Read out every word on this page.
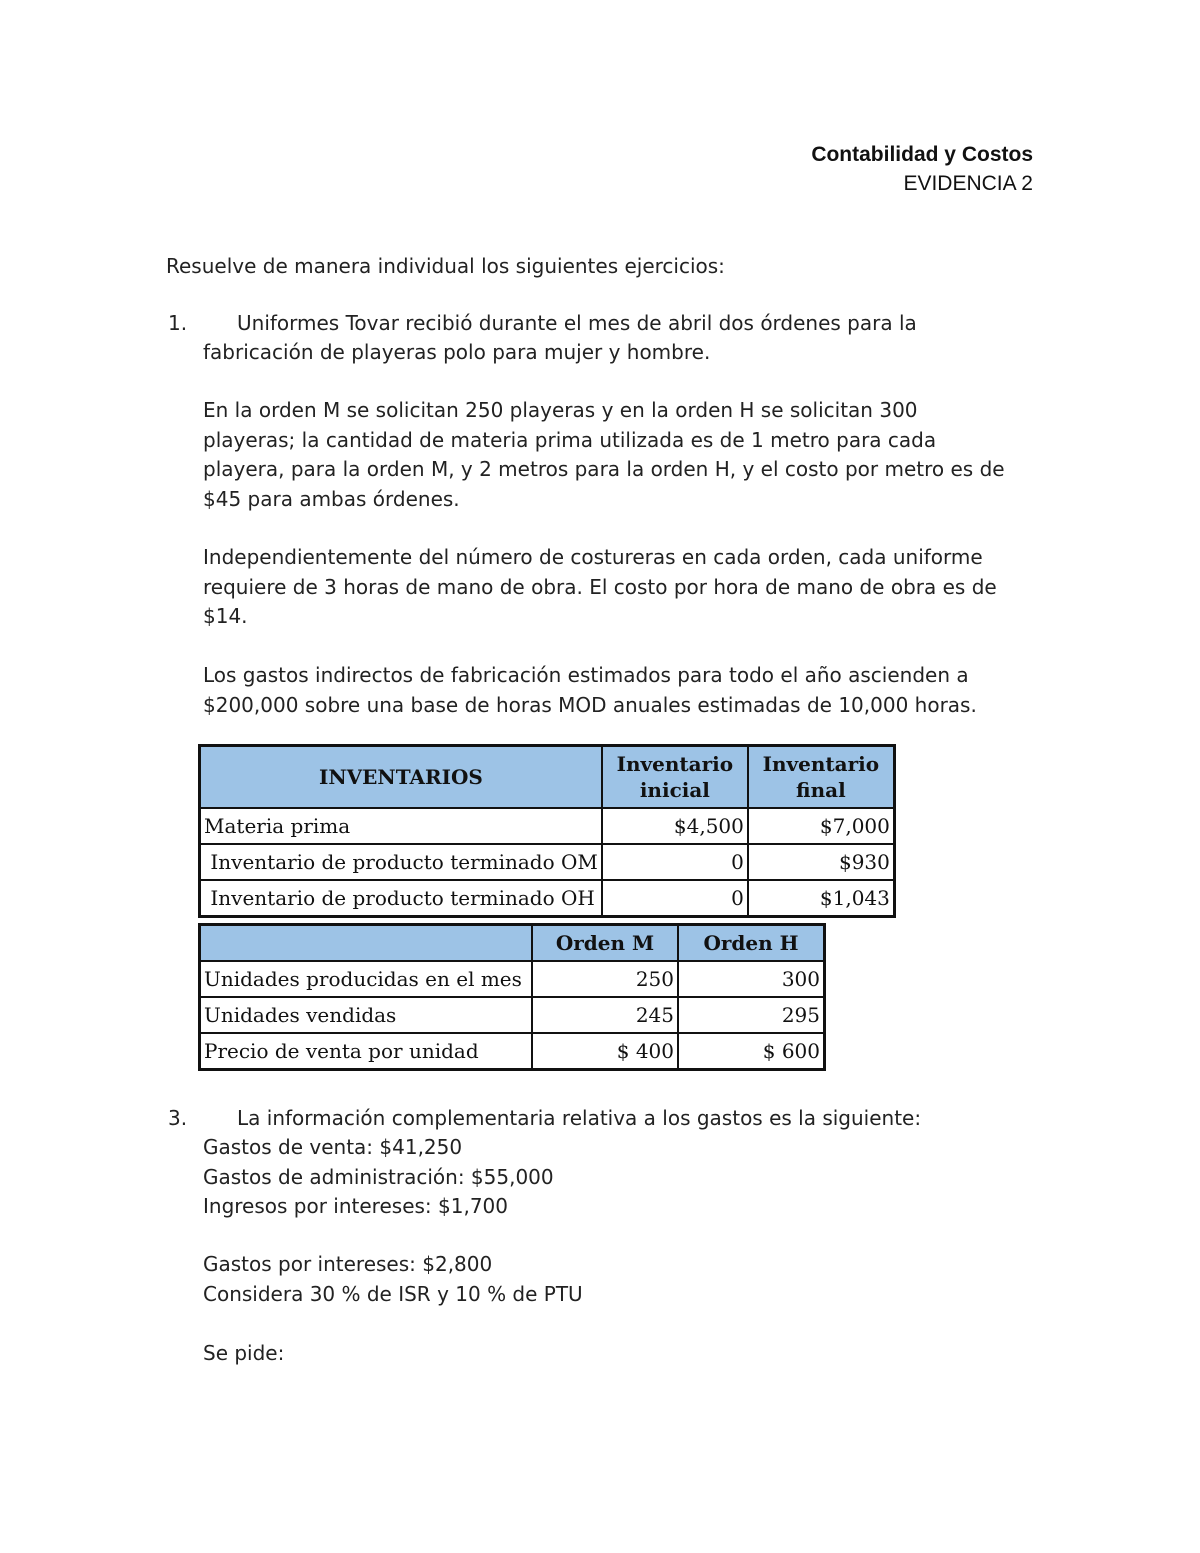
Contabilidad y Costos
EVIDENCIA 2

Resuelve de manera individual los siguientes ejercicios:

1. Uniformes Tovar recibió durante el mes de abril dos órdenes para la

fabricación de playeras polo para mujer y hombre.

En la orden M se solicitan 250 playeras y en la orden H se solicitan 300
playeras; la cantidad de materia prima utilizada es de 1 metro para cada
playera, para la orden M, y 2 metros para la orden H, y el costo por metro es de
$45 para ambas órdenes.
Independientemente del número de costureras en cada orden, cada uniforme
requiere de 3 horas de mano de obra. El costo por hora de mano de obra es de
$14.
Los gastos indirectos de fabricación estimados para todo el año ascienden a
$200,000 sobre una base de horas MOD anuales estimadas de 10,000 horas.
INVENTARIOS	Inventario inicial	Inventario final
Materia prima	$4,500	$7,000
Inventario de producto terminado OM	0	$930
Inventario de producto terminado OH	0	$1,043
	Orden M	Orden H
Unidades producidas en el mes	250	300
Unidades vendidas	245	295
Precio de venta por unidad	$ 400	$ 600
3. La información complementaria relativa a los gastos es la siguiente:

Gastos de venta: $41,250
Gastos de administración: $55,000
Ingresos por intereses: $1,700
Gastos por intereses: $2,800
Considera 30 % de ISR y 10 % de PTU

Se pide:
